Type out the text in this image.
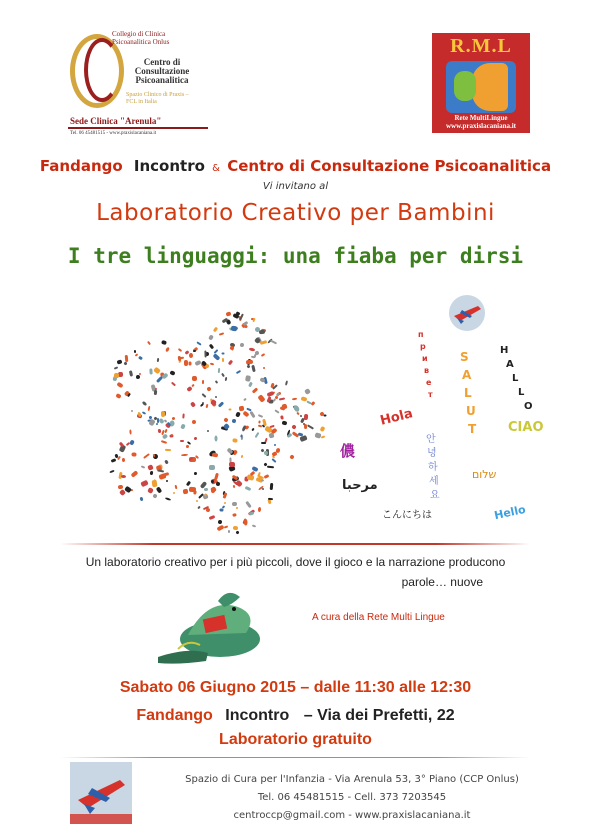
Collegio di Clinica Psicoanalitica Onlus
Centro di Consultazione Psicoanalitica
Spazio Clinico di Praxis – FCL in Italia
Sede Clinica "Arenula"
Tel. 06 45481515 - www.praxislacaniana.it
R.M.L
Rete MultiLingue
www.praxislacaniana.it
Fandango Incontro & Centro di Consultazione Psicoanalitica
Vi invitano al
Laboratorio Creativo per Bambini
I tre linguaggi: una fiaba per dirsi
Hola
S
A
L
U
T
H
A
L
L
O
п
р
и
в
е
т
CIAO
儂
안
녕
하
세
요
שלום
مرحبا
こんにちは	Hello
Un laboratorio creativo per i più piccoli, dove il gioco e la narrazione producono
parole… nuove
A cura della Rete Multi Lingue
Sabato 06 Giugno 2015 – dalle 11:30 alle 12:30
Fandango Incontro – Via dei Prefetti, 22
Laboratorio gratuito
Spazio di Cura per l'Infanzia - Via Arenula 53, 3° Piano (CCP Onlus)
Tel. 06 45481515 - Cell. 373 7203545
centroccp@gmail.com - www.praxislacaniana.it
